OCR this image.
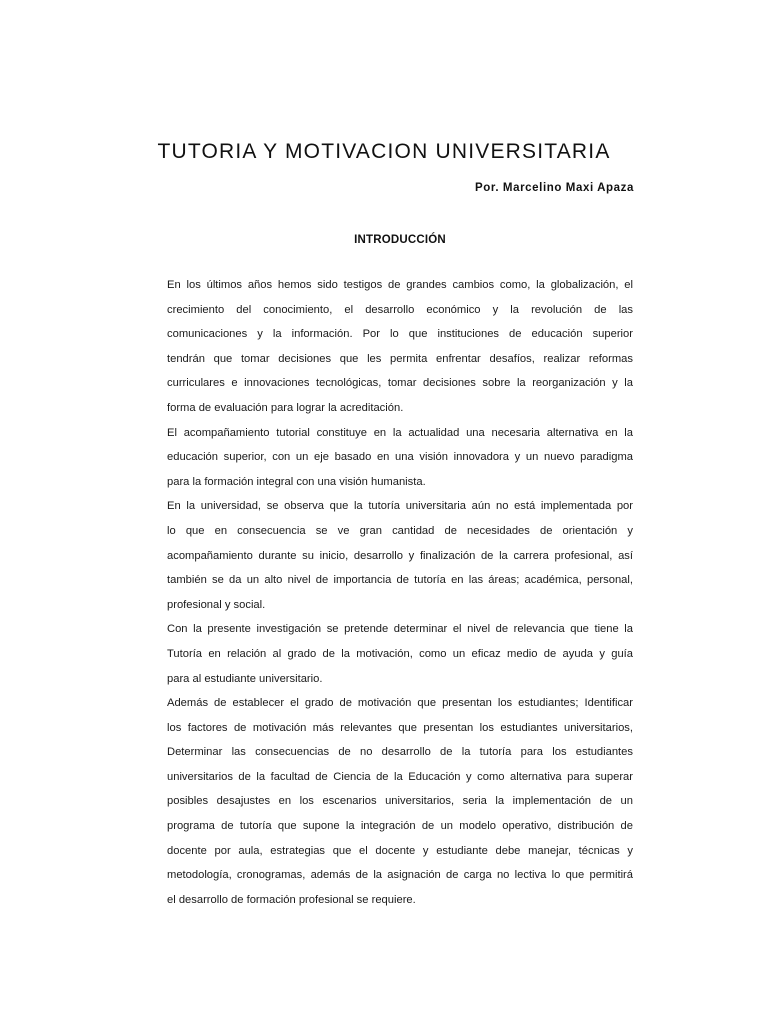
TUTORIA Y MOTIVACION UNIVERSITARIA
Por. Marcelino Maxi Apaza
INTRODUCCIÓN
En los últimos años hemos sido testigos de grandes cambios como, la globalización, el
crecimiento del conocimiento, el desarrollo económico y la revolución de las
comunicaciones y la información. Por lo que instituciones de educación superior
tendrán que tomar decisiones que les permita enfrentar desafíos, realizar reformas
curriculares e innovaciones tecnológicas, tomar decisiones sobre la reorganización y la
forma de evaluación para lograr la acreditación.
El acompañamiento tutorial constituye en la actualidad una necesaria alternativa en la
educación superior, con un eje basado en una visión innovadora y un nuevo paradigma
para la formación integral con una visión humanista.
En la universidad, se observa que la tutoría universitaria aún no está implementada por
lo que en consecuencia se ve gran cantidad de necesidades de orientación y
acompañamiento durante su inicio, desarrollo y finalización de la carrera profesional, así
también se da un alto nivel de importancia de tutoría en las áreas; académica, personal,
profesional y social.
Con la presente investigación se pretende determinar el nivel de relevancia que tiene la
Tutoría en relación al grado de la motivación, como un eficaz medio de ayuda y guía
para al estudiante universitario.
Además de establecer el grado de motivación que presentan los estudiantes; Identificar
los factores de motivación más relevantes que presentan los estudiantes universitarios,
Determinar las consecuencias de no desarrollo de la tutoría para los estudiantes
universitarios de la facultad de Ciencia de la Educación y como alternativa para superar
posibles desajustes en los escenarios universitarios, seria la implementación de un
programa de tutoría que supone la integración de un modelo operativo, distribución de
docente por aula, estrategias que el docente y estudiante debe manejar, técnicas y
metodología, cronogramas, además de la asignación de carga no lectiva lo que permitirá
el desarrollo de formación profesional se requiere.
